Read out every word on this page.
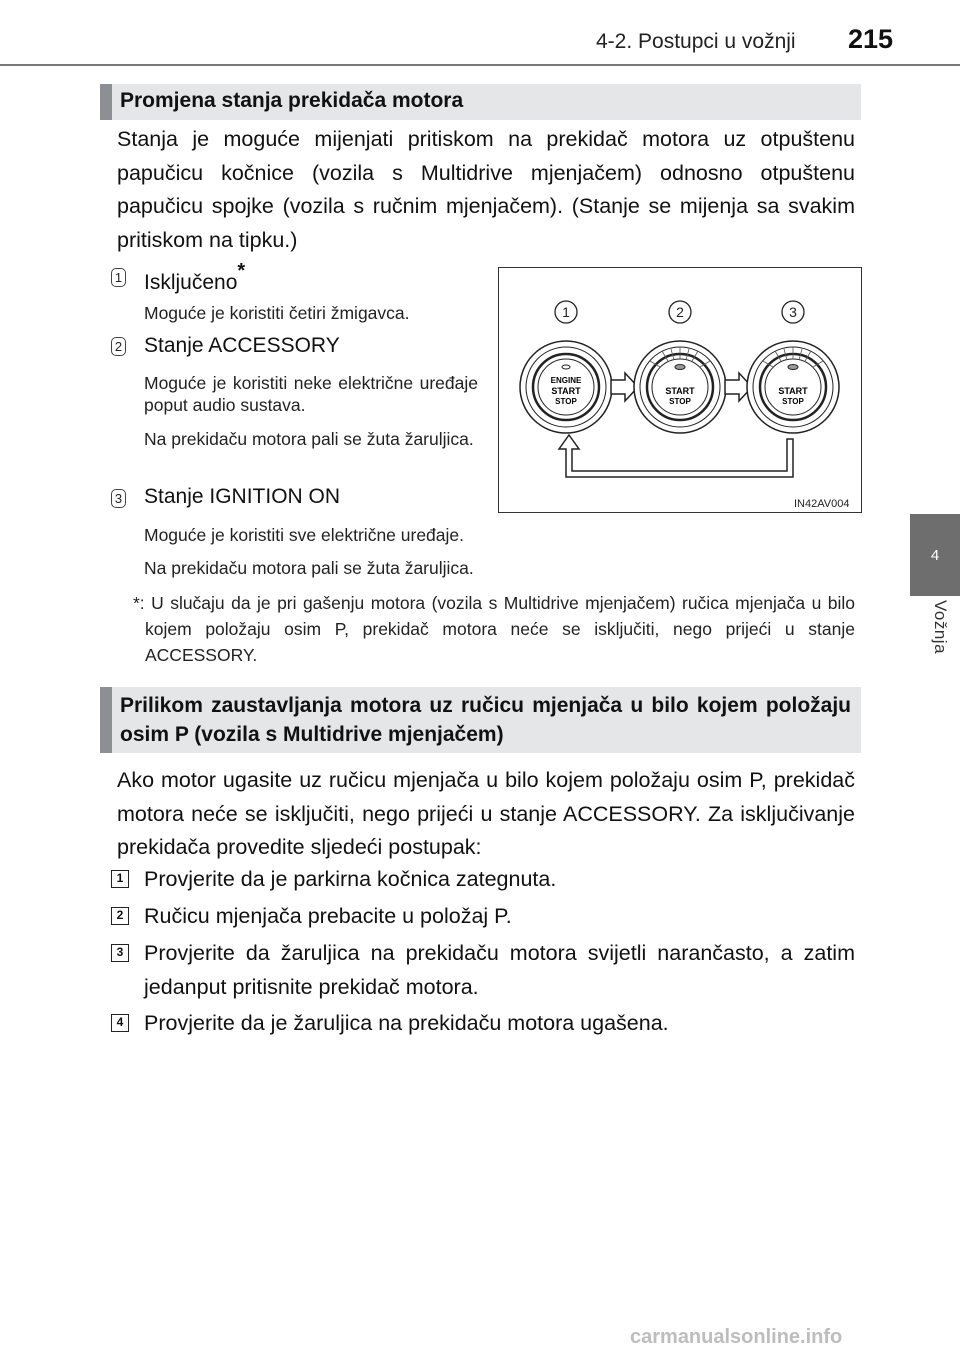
4-2. Postupci u vožnji 215
4
Vožnja
Promjena stanja prekidača motora
Stanja je moguće mijenjati pritiskom na prekidač motora uz otpuštenu papučicu kočnice (vozila s Multidrive mjenjačem) odnosno otpuštenu papučicu spojke (vozila s ručnim mjenjačem). (Stanje se mijenja sa svakim pritiskom na tipku.)
1 Isključeno*
Moguće je koristiti četiri žmigavca.
2 Stanje ACCESSORY
Moguće je koristiti neke električne uređaje poput audio sustava.
Na prekidaču motora pali se žuta žaruljica.
3 Stanje IGNITION ON
Moguće je koristiti sve električne uređaje.
Na prekidaču motora pali se žuta žaruljica.
*: U slučaju da je pri gašenju motora (vozila s Multidrive mjenjačem) ručica mjenjača u bilo kojem položaju osim P, prekidač motora neće se isključiti, nego prijeći u stanje ACCESSORY.
1	2	3
ENGINE
START
STOP
START
STOP
START
STOP
IN42AV004
Prilikom zaustavljanja motora uz ručicu mjenjača u bilo kojem položaju osim P (vozila s Multidrive mjenjačem)
Ako motor ugasite uz ručicu mjenjača u bilo kojem položaju osim P, prekidač motora neće se isključiti, nego prijeći u stanje ACCESSORY. Za isključivanje prekidača provedite sljedeći postupak:
1 Provjerite da je parkirna kočnica zategnuta.
2 Ručicu mjenjača prebacite u položaj P.
3 Provjerite da žaruljica na prekidaču motora svijetli narančasto, a zatim jedanput pritisnite prekidač motora.
4 Provjerite da je žaruljica na prekidaču motora ugašena.
carmanualsonline.info
